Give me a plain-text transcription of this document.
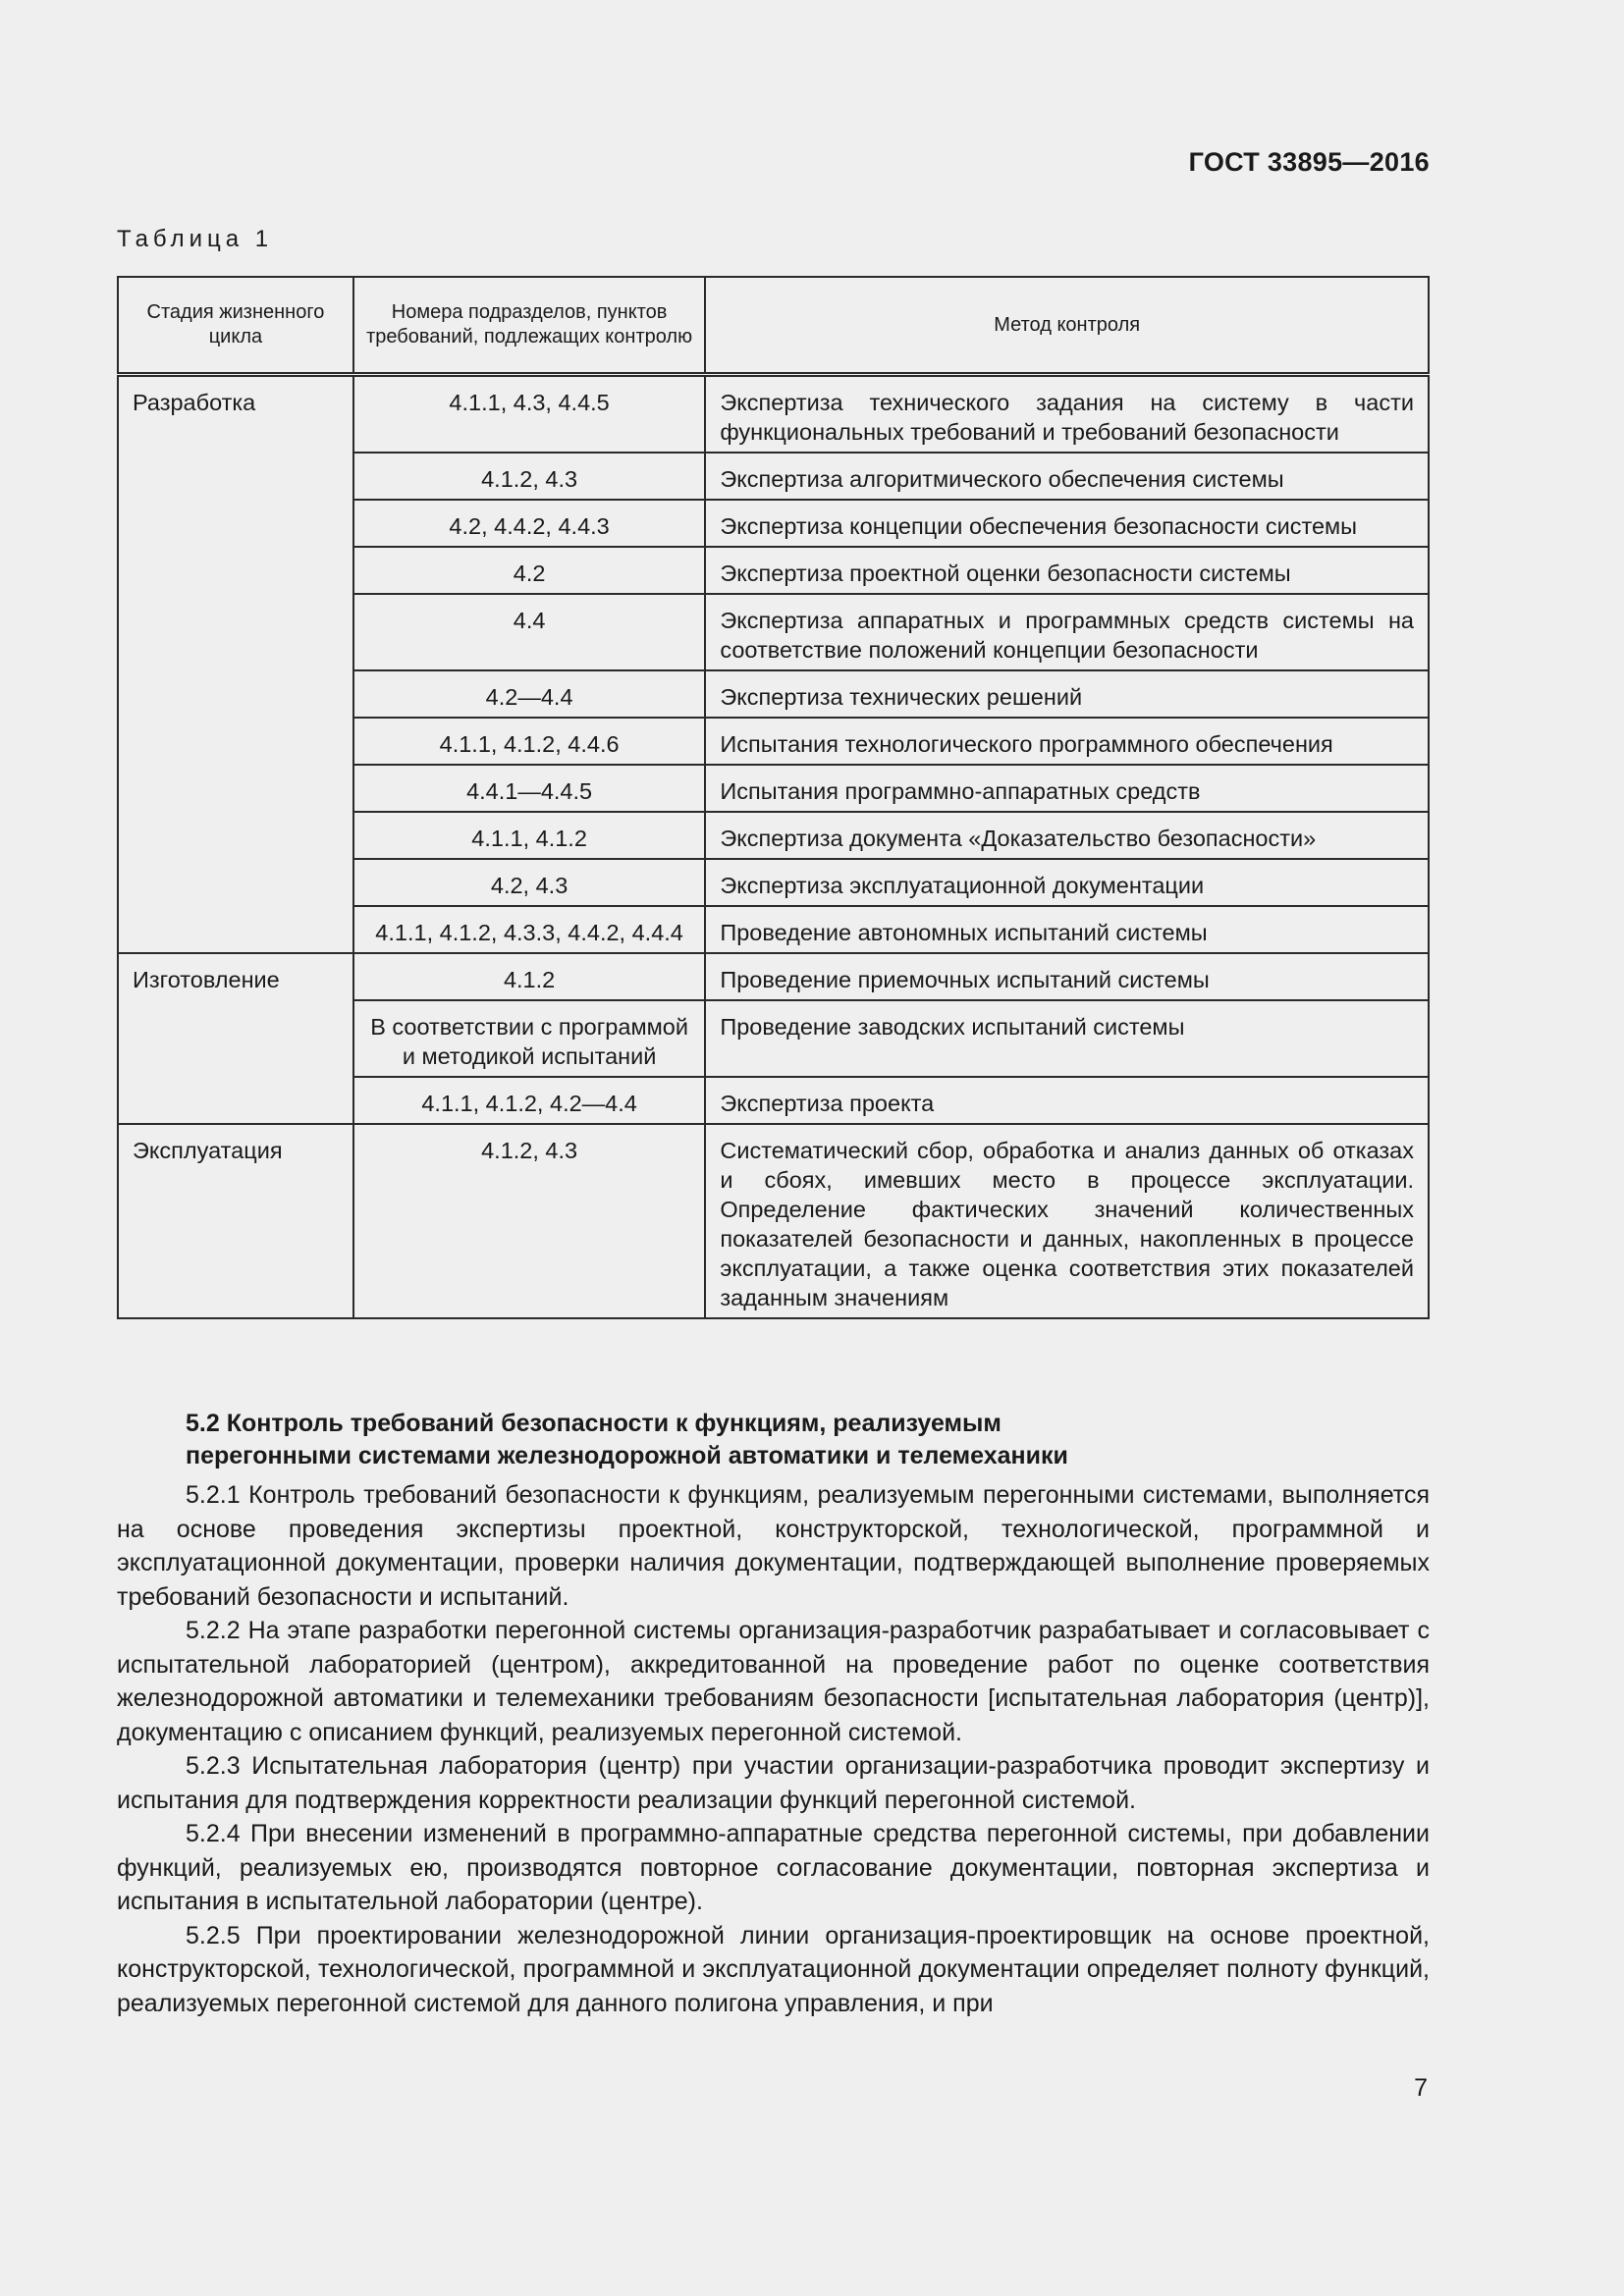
ГОСТ 33895—2016
Таблица 1
Стадия жизненного цикла	Номера подразделов, пунктов требований, подлежащих контролю	Метод контроля
Разработка	4.1.1, 4.3, 4.4.5	Экспертиза технического задания на систему в части функциональных требований и требований безопасности
	4.1.2, 4.3	Экспертиза алгоритмического обеспечения системы
	4.2, 4.4.2, 4.4.3	Экспертиза концепции обеспечения безопасности системы
	4.2	Экспертиза проектной оценки безопасности системы
	4.4	Экспертиза аппаратных и программных средств системы на соответствие положений концепции безопасности
	4.2—4.4	Экспертиза технических решений
	4.1.1, 4.1.2, 4.4.6	Испытания технологического программного обеспечения
	4.4.1—4.4.5	Испытания программно-аппаратных средств
	4.1.1, 4.1.2	Экспертиза документа «Доказательство безопасности»
	4.2, 4.3	Экспертиза эксплуатационной документации
	4.1.1, 4.1.2, 4.3.3, 4.4.2, 4.4.4	Проведение автономных испытаний системы
Изготовление	4.1.2	Проведение приемочных испытаний системы
	В соответствии с программой и методикой испытаний	Проведение заводских испытаний системы
	4.1.1, 4.1.2, 4.2—4.4	Экспертиза проекта
Эксплуатация	4.1.2, 4.3	Систематический сбор, обработка и анализ данных об отказах и сбоях, имевших место в процессе эксплуатации. Определение фактических значений количественных показателей безопасности и данных, накопленных в процессе эксплуатации, а также оценка соответствия этих показателей заданным значениям
5.2 Контроль требований безопасности к функциям, реализуемым
перегонными системами железнодорожной автоматики и телемеханики

5.2.1 Контроль требований безопасности к функциям, реализуемым перегонными системами, выполняется на основе проведения экспертизы проектной, конструкторской, технологической, программной и эксплуатационной документации, проверки наличия документации, подтверждающей выполнение проверяемых требований безопасности и испытаний.

5.2.2 На этапе разработки перегонной системы организация-разработчик разрабатывает и согласовывает с испытательной лабораторией (центром), аккредитованной на проведение работ по оценке соответствия железнодорожной автоматики и телемеханики требованиям безопасности [испытательная лаборатория (центр)], документацию с описанием функций, реализуемых перегонной системой.

5.2.3 Испытательная лаборатория (центр) при участии организации-разработчика проводит экспертизу и испытания для подтверждения корректности реализации функций перегонной системой.

5.2.4 При внесении изменений в программно-аппаратные средства перегонной системы, при добавлении функций, реализуемых ею, производятся повторное согласование документации, повторная экспертиза и испытания в испытательной лаборатории (центре).

5.2.5 При проектировании железнодорожной линии организация-проектировщик на основе проектной, конструкторской, технологической, программной и эксплуатационной документации определяет полноту функций, реализуемых перегонной системой для данного полигона управления, и при

7
